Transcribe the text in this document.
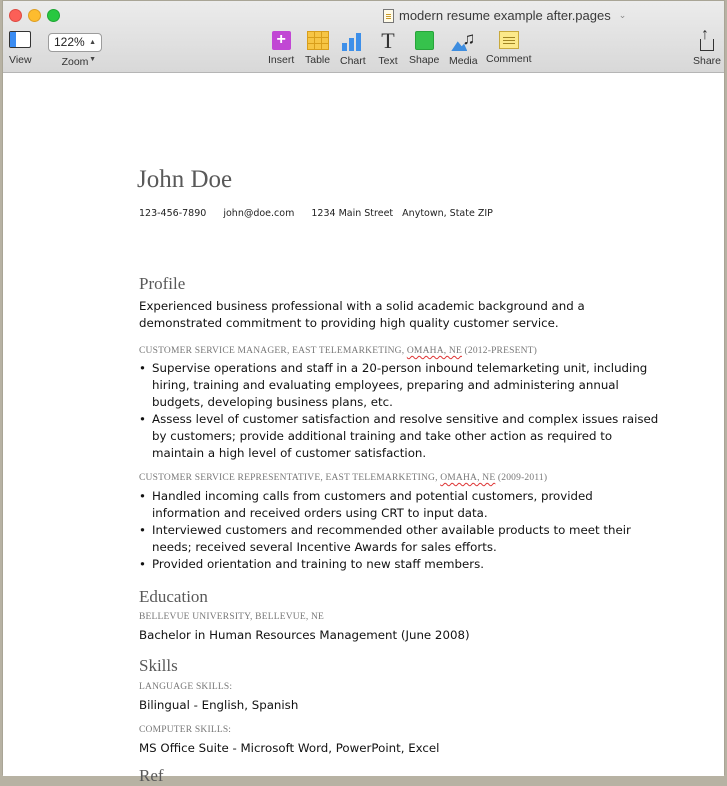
modern resume example after.pages ⌄
View
122% ▲
▼
Zoom
+
Insert Table Chart
T
Text Shape
♫
Media Comment
↑	Share
John Doe
123-456-7890 john@doe.com 1234 Main Street Anytown, State ZIP
Profile
Experienced business professional with a solid academic background and a
demonstrated commitment to providing high quality customer service.
CUSTOMER SERVICE MANAGER, EAST TELEMARKETING, OMAHA, NE (2012-PRESENT)
• Supervise operations and staff in a 20-person inbound telemarketing unit, including
hiring, training and evaluating employees, preparing and administering annual
budgets, developing business plans, etc.
• Assess level of customer satisfaction and resolve sensitive and complex issues raised
by customers; provide additional training and take other action as required to
maintain a high level of customer satisfaction.
CUSTOMER SERVICE REPRESENTATIVE, EAST TELEMARKETING, OMAHA, NE (2009-2011)
• Handled incoming calls from customers and potential customers, provided
information and received orders using CRT to input data.
• Interviewed customers and recommended other available products to meet their
needs; received several Incentive Awards for sales efforts.
• Provided orientation and training to new staff members.
Education
BELLEVUE UNIVERSITY, BELLEVUE, NE
Bachelor in Human Resources Management (June 2008)
Skills
LANGUAGE SKILLS:
Bilingual - English, Spanish
COMPUTER SKILLS:
MS Office Suite - Microsoft Word, PowerPoint, Excel
Ref
